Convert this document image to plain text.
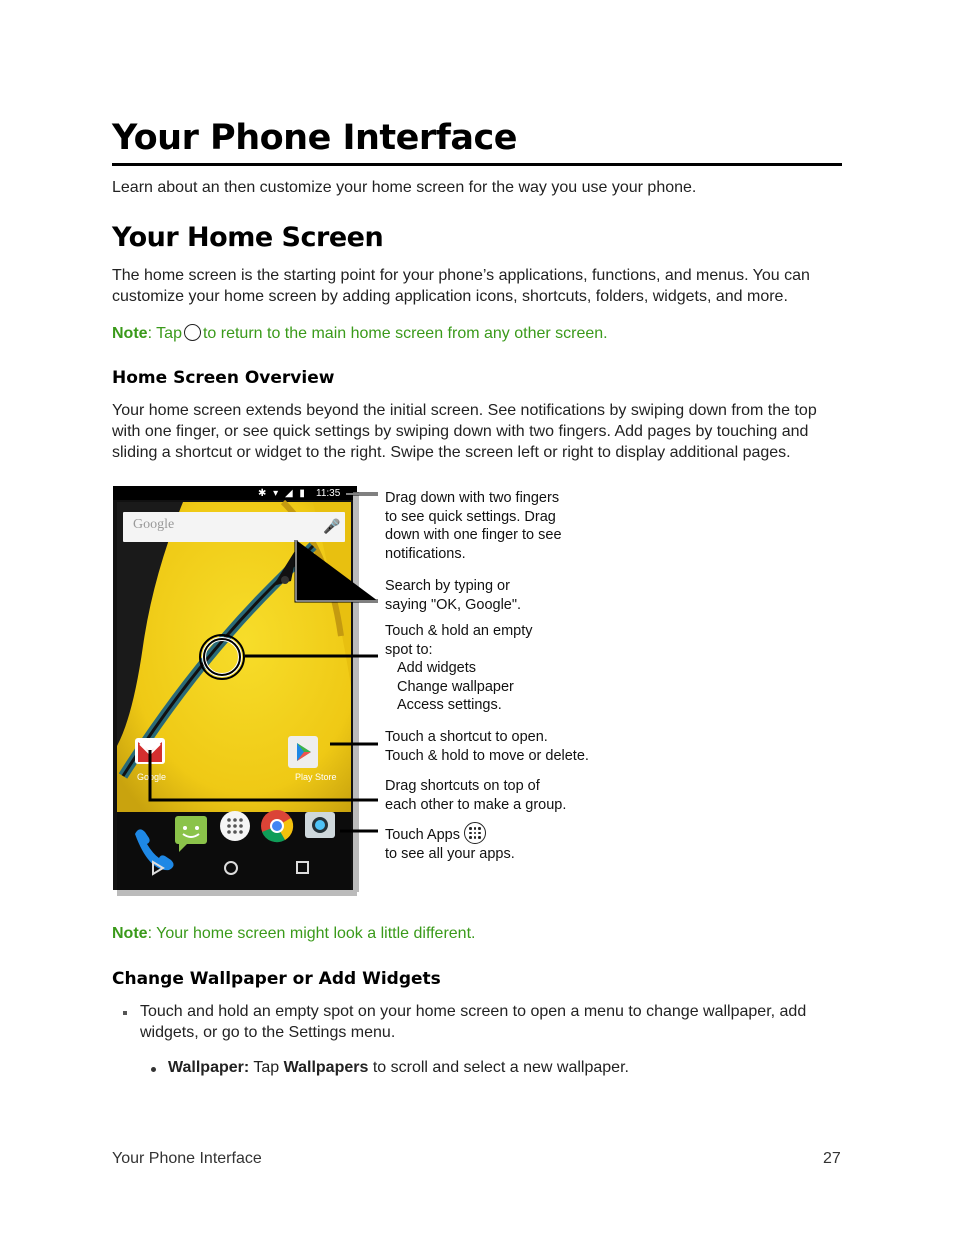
Your Phone Interface

Learn about an then customize your home screen for the way you use your phone.

Your Home Screen

The home screen is the starting point for your phone’s applications, functions, and menus. You can customize your home screen by adding application icons, shortcuts, folders, widgets, and more.

Note: Tap to return to the main home screen from any other screen.

Home Screen Overview

Your home screen extends beyond the initial screen. See notifications by swiping down from the top with one finger, or see quick settings by swiping down with two fingers. Add pages by touching and sliding a shortcut or widget to the right. Swipe the screen left or right to display additional pages.

11:35
✱ ▾ ◢ ▮
Google	🎤
Google	Play Store
Drag down with two fingers
to see quick settings. Drag
down with one finger to see
notifications.
Search by typing or
saying "OK, Google".
Touch & hold an empty
spot to:
Add widgets
Change wallpaper
Access settings.
Touch a shortcut to open.
Touch & hold to move or delete.
Drag shortcuts on top of
each other to make a group.
Touch Apps
to see all your apps.

Note: Your home screen might look a little different.

Change Wallpaper or Add Widgets

Touch and hold an empty spot on your home screen to open a menu to change wallpaper, add widgets, or go to the Settings menu.

Wallpaper: Tap Wallpapers to scroll and select a new wallpaper.

Your Phone Interface	27
